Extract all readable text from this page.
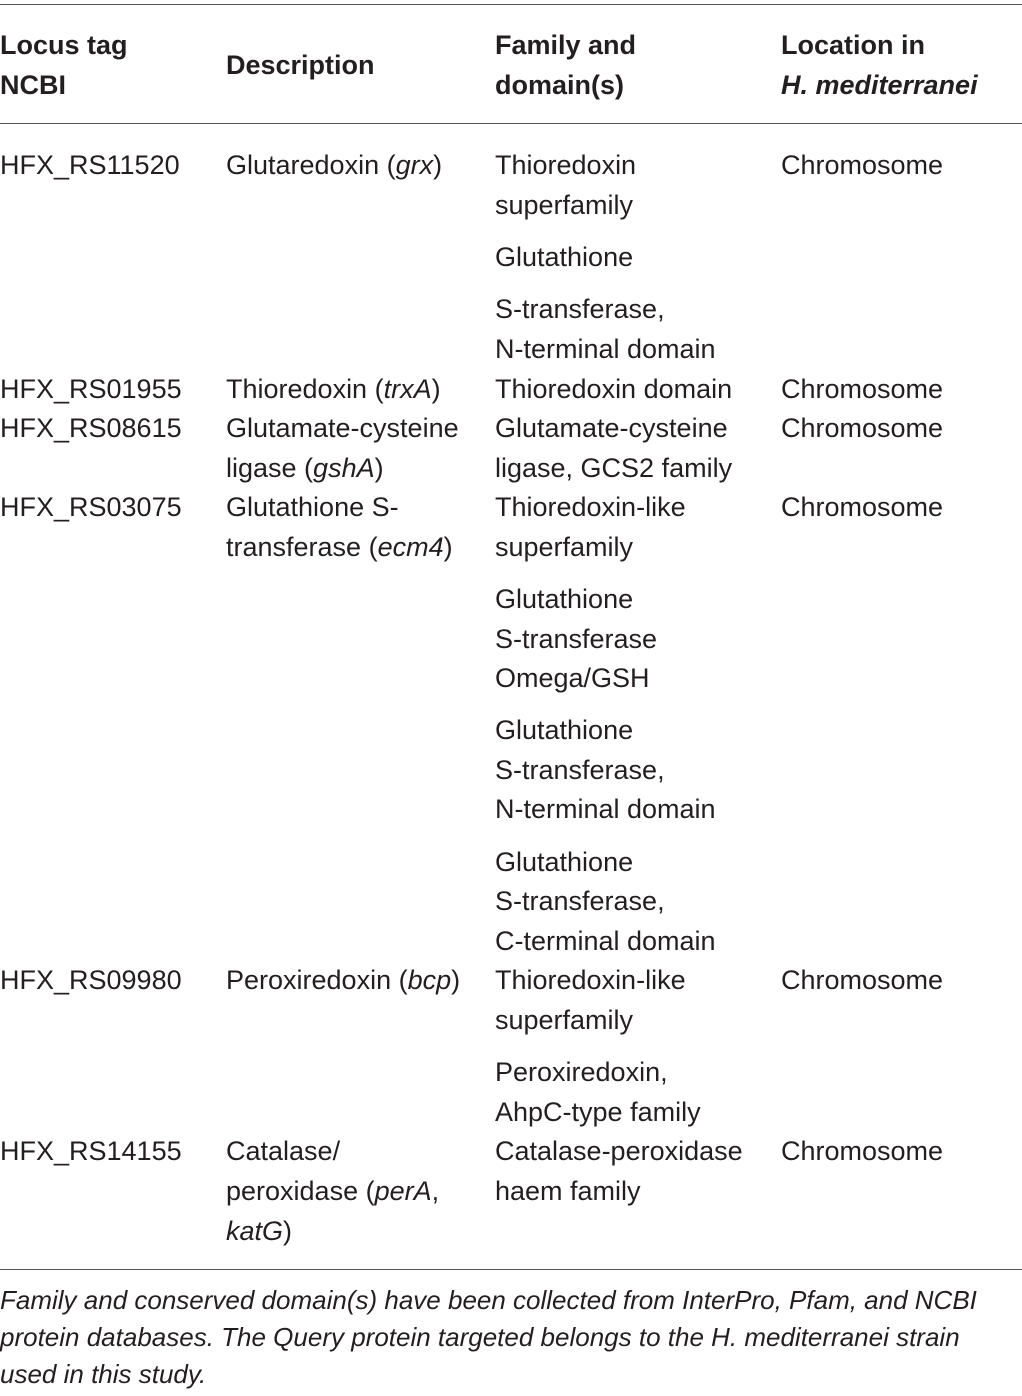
Locus tag
NCBI
Description
Family and
domain(s)
Location in
H. mediterranei
HFX_RS11520 Glutaredoxin (grx) Thioredoxin
superfamily
Glutathione
S-transferase,
N-terminal domain
Chromosome
HFX_RS01955 Thioredoxin (trxA) Thioredoxin domain Chromosome
HFX_RS08615 Glutamate-cysteine
ligase (gshA)
Glutamate-cysteine
ligase, GCS2 family
Chromosome
HFX_RS03075 Glutathione S-
transferase (ecm4)
Thioredoxin-like
superfamily
Glutathione
S-transferase
Omega/GSH
Glutathione
S-transferase,
N-terminal domain
Glutathione
S-transferase,
C-terminal domain
Chromosome
HFX_RS09980 Peroxiredoxin (bcp) Thioredoxin-like
superfamily
Peroxiredoxin,
AhpC-type family
Chromosome
HFX_RS14155 Catalase/
peroxidase (perA,
katG)
Catalase-peroxidase
haem family
Chromosome
Family and conserved domain(s) have been collected from InterPro, Pfam, and NCBI protein databases. The Query protein targeted belongs to the H. mediterranei strain used in this study.
